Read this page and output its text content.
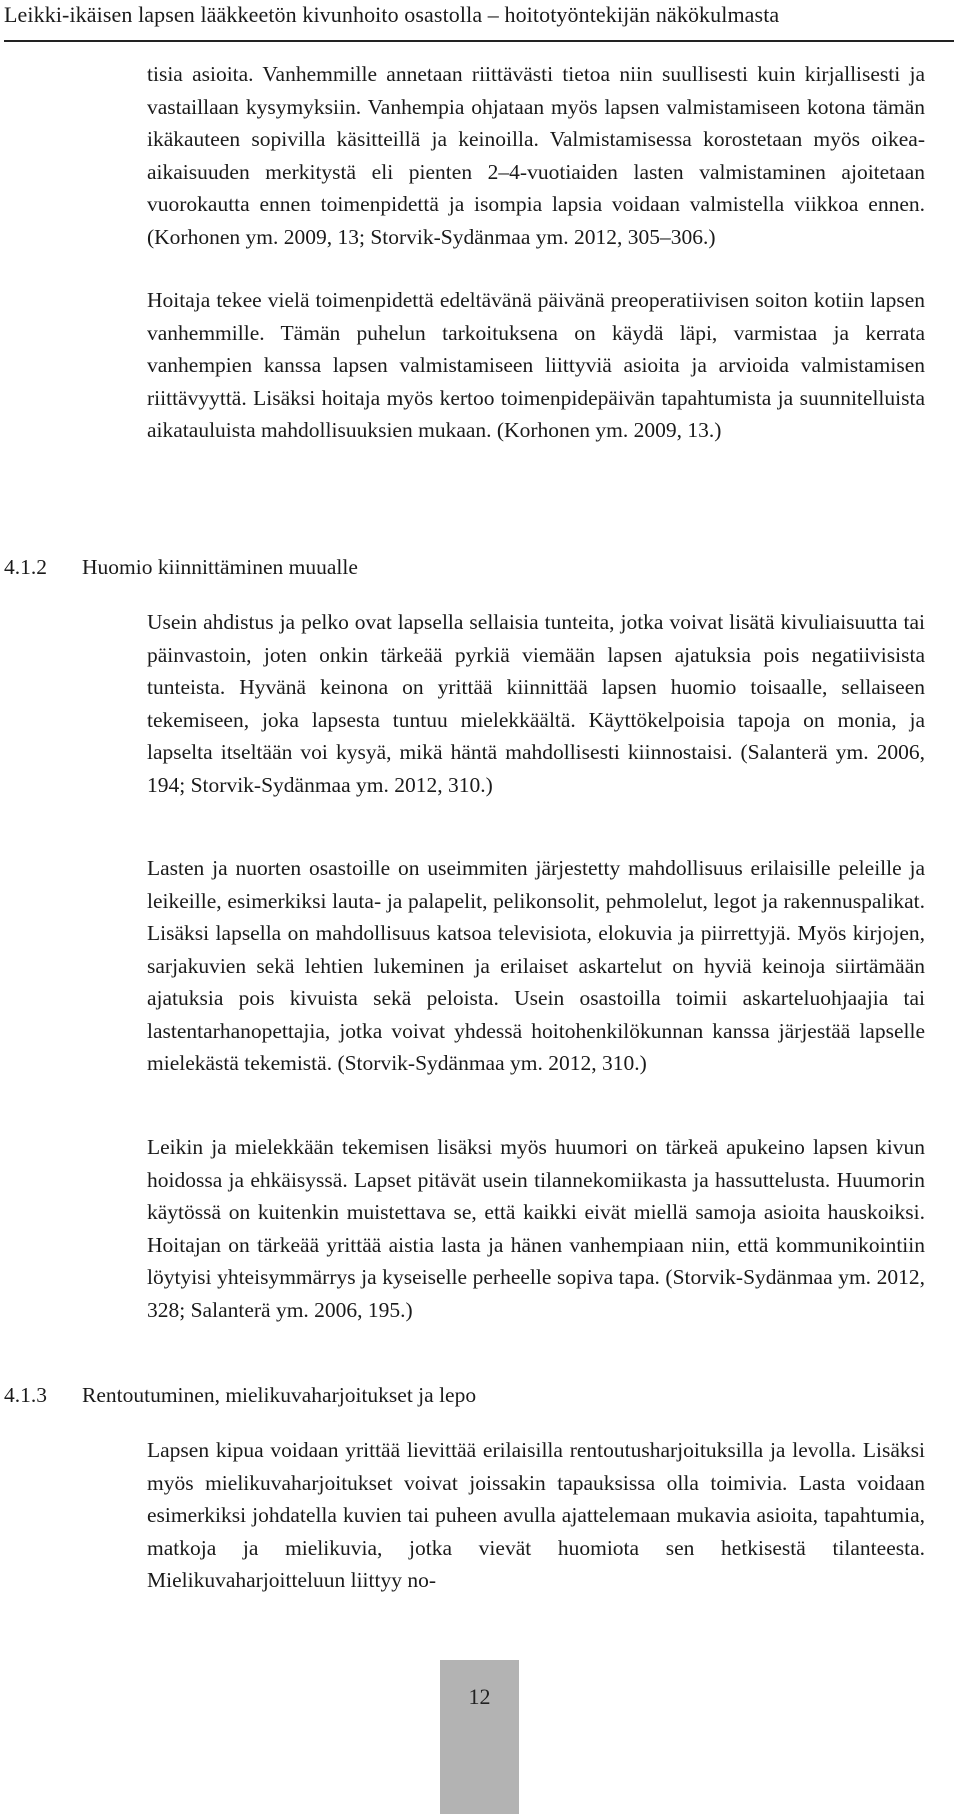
Leikki-ikäisen lapsen lääkkeetön kivunhoito osastolla – hoitotyöntekijän näkökulmasta

tisia asioita. Vanhemmille annetaan riittävästi tietoa niin suullisesti kuin kirjallisesti ja vastaillaan kysymyksiin. Vanhempia ohjataan myös lapsen valmistamiseen kotona tämän ikäkauteen sopivilla käsitteillä ja keinoilla. Valmistamisessa korostetaan myös oikea-aikaisuuden merkitystä eli pienten 2–4-vuotiaiden lasten valmistaminen ajoitetaan vuorokautta ennen toimenpidettä ja isompia lapsia voidaan valmistella viikkoa ennen. (Korhonen ym. 2009, 13; Storvik-Sydänmaa ym. 2012, 305–306.)

Hoitaja tekee vielä toimenpidettä edeltävänä päivänä preoperatiivisen soiton kotiin lapsen vanhemmille. Tämän puhelun tarkoituksena on käydä läpi, varmistaa ja kerrata vanhempien kanssa lapsen valmistamiseen liittyviä asioita ja arvioida valmistamisen riittävyyttä. Lisäksi hoitaja myös kertoo toimenpidepäivän tapahtumista ja suunnitelluista aikatauluista mahdollisuuksien mukaan. (Korhonen ym. 2009, 13.)

4.1.2 Huomio kiinnittäminen muualle

Usein ahdistus ja pelko ovat lapsella sellaisia tunteita, jotka voivat lisätä kivuliaisuutta tai päinvastoin, joten onkin tärkeää pyrkiä viemään lapsen ajatuksia pois negatiivisista tunteista. Hyvänä keinona on yrittää kiinnittää lapsen huomio toisaalle, sellaiseen tekemiseen, joka lapsesta tuntuu mielekkäältä. Käyttökelpoisia tapoja on monia, ja lapselta itseltään voi kysyä, mikä häntä mahdollisesti kiinnostaisi. (Salanterä ym. 2006, 194; Storvik-Sydänmaa ym. 2012, 310.)

Lasten ja nuorten osastoille on useimmiten järjestetty mahdollisuus erilaisille peleille ja leikeille, esimerkiksi lauta- ja palapelit, pelikonsolit, pehmolelut, legot ja rakennuspalikat. Lisäksi lapsella on mahdollisuus katsoa televisiota, elokuvia ja piirrettyjä. Myös kirjojen, sarjakuvien sekä lehtien lukeminen ja erilaiset askartelut on hyviä keinoja siirtämään ajatuksia pois kivuista sekä peloista. Usein osastoilla toimii askarteluohjaajia tai lastentarhanopettajia, jotka voivat yhdessä hoitohenkilökunnan kanssa järjestää lapselle mielekästä tekemistä. (Storvik-Sydänmaa ym. 2012, 310.)

Leikin ja mielekkään tekemisen lisäksi myös huumori on tärkeä apukeino lapsen kivun hoidossa ja ehkäisyssä. Lapset pitävät usein tilannekomiikasta ja hassuttelusta. Huumorin käytössä on kuitenkin muistettava se, että kaikki eivät miellä samoja asioita hauskoiksi. Hoitajan on tärkeää yrittää aistia lasta ja hänen vanhempiaan niin, että kommunikointiin löytyisi yhteisymmärrys ja kyseiselle perheelle sopiva tapa. (Storvik-Sydänmaa ym. 2012, 328; Salanterä ym. 2006, 195.)

4.1.3 Rentoutuminen, mielikuvaharjoitukset ja lepo

Lapsen kipua voidaan yrittää lievittää erilaisilla rentoutusharjoituksilla ja levolla. Lisäksi myös mielikuvaharjoitukset voivat joissakin tapauksissa olla toimivia. Lasta voidaan esimerkiksi johdatella kuvien tai puheen avulla ajattelemaan mukavia asioita, tapahtumia, matkoja ja mielikuvia, jotka vievät huomiota sen hetkisestä tilanteesta. Mielikuvaharjoitteluun liittyy no-

12
